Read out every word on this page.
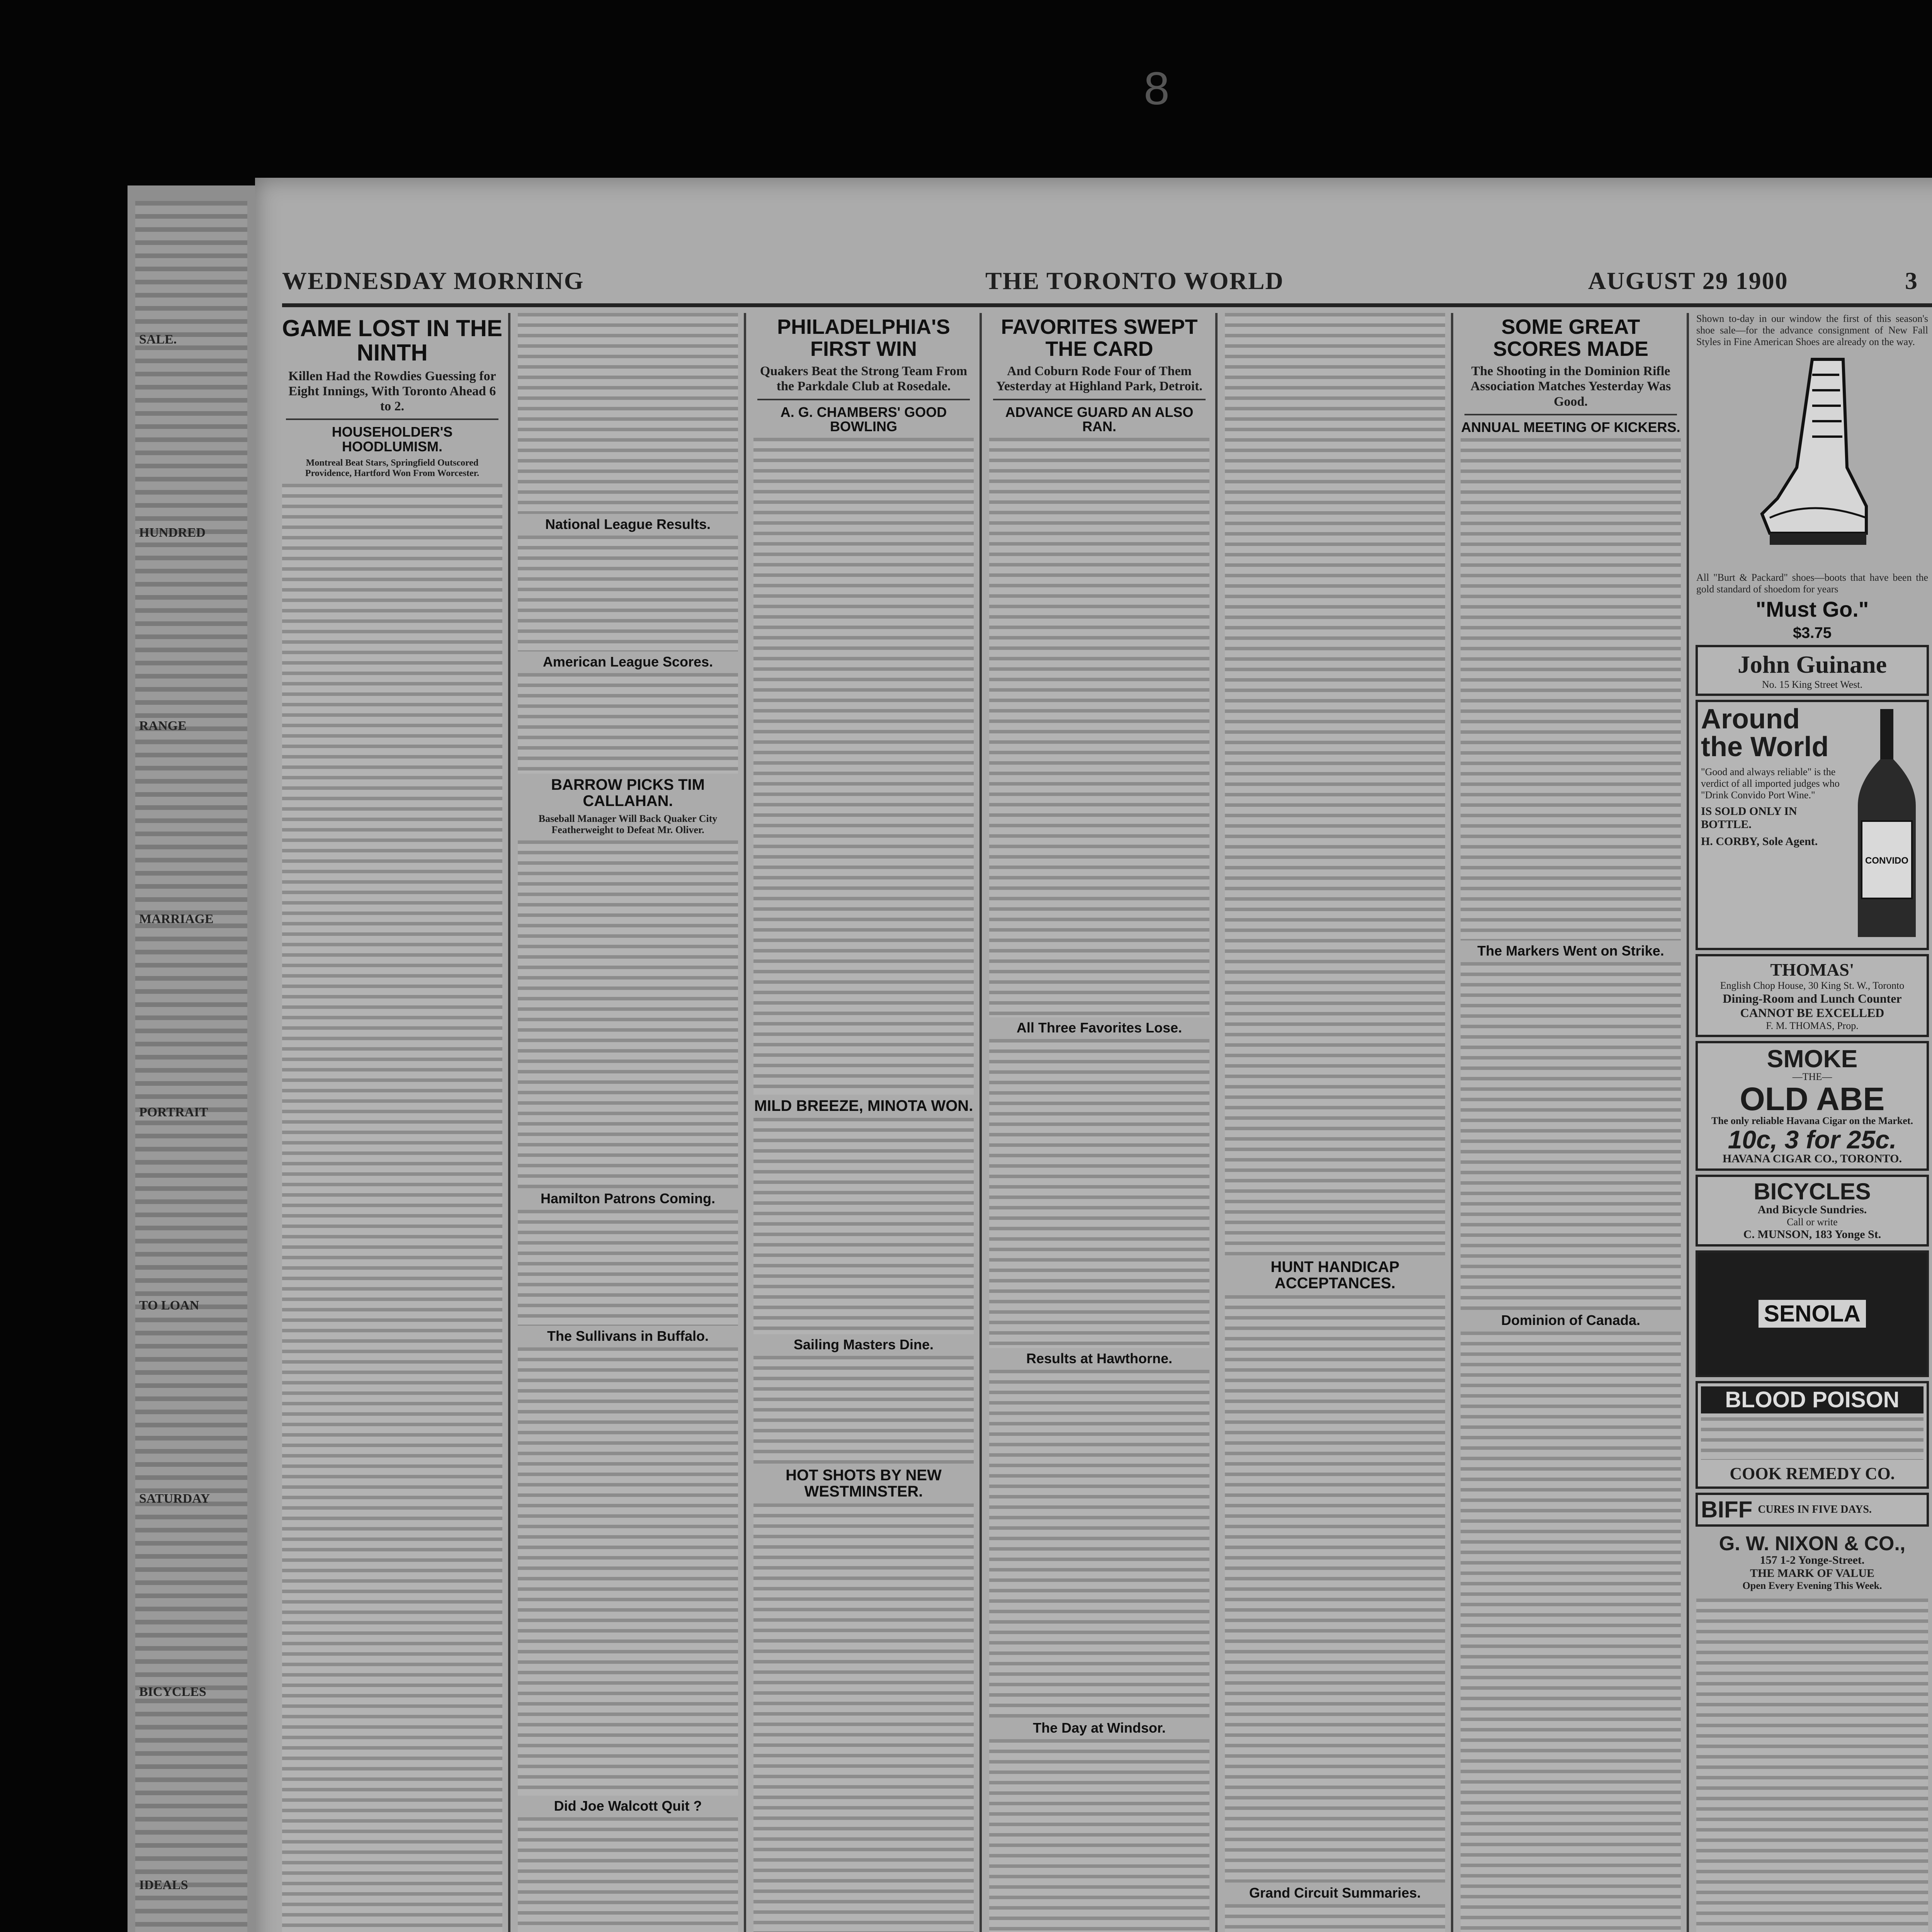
SALE.
HUNDRED
RANGE
MARRIAGE
PORTRAIT
TO LOAN
SATURDAY
BICYCLES
IDEALS
8
WEDNESDAY MORNING	THE TORONTO WORLD	AUGUST 29 1900	3
GAME LOST IN THE NINTH
Killen Had the Rowdies Guessing for Eight Innings, With Toronto Ahead 6 to 2.
HOUSEHOLDER'S HOODLUMISM.
Montreal Beat Stars, Springfield Outscored Providence, Hartford Won From Worcester.
National League Results.
American League Scores.
BARROW PICKS TIM CALLAHAN.
Baseball Manager Will Back Quaker City Featherweight to Defeat Mr. Oliver.
Hamilton Patrons Coming.
The Sullivans in Buffalo.
Did Joe Walcott Quit ?
PHILADELPHIA'S FIRST WIN
Quakers Beat the Strong Team From the Parkdale Club at Rosedale.
A. G. CHAMBERS' GOOD BOWLING
MILD BREEZE, MINOTA WON.
Sailing Masters Dine.
HOT SHOTS BY NEW WESTMINSTER.
FAVORITES SWEPT THE CARD
And Coburn Rode Four of Them Yesterday at Highland Park, Detroit.
ADVANCE GUARD AN ALSO RAN.
All Three Favorites Lose.
Results at Hawthorne.
The Day at Windsor.
HUNT HANDICAP ACCEPTANCES.
Grand Circuit Summaries.
SOME GREAT SCORES MADE
The Shooting in the Dominion Rifle Association Matches Yesterday Was Good.
ANNUAL MEETING OF KICKERS.
The Markers Went on Strike.
Dominion of Canada.
Shown to-day in our window the first of this season's shoe sale—for the advance consignment of New Fall Styles in Fine American Shoes are already on the way.
All "Burt & Packard" shoes—boots that have been the gold standard of shoedom for years
"Must Go."
$3.75
John Guinane
No. 15 King Street West.
Around the World
"Good and always reliable" is the verdict of all imported judges who "Drink Convido Port Wine."
IS SOLD ONLY IN BOTTLE.
H. CORBY, Sole Agent.
CONVIDO
THOMAS'
English Chop House, 30 King St. W., Toronto
Dining-Room and Lunch Counter CANNOT BE EXCELLED
F. M. THOMAS, Prop.
SMOKE
—THE—
OLD ABE
The only reliable Havana Cigar on the Market.
10c, 3 for 25c.
HAVANA CIGAR CO., TORONTO.
BICYCLES
And Bicycle Sundries.
Call or write
C. MUNSON, 183 Yonge St.
SENOLA
BLOOD POISON
COOK REMEDY CO.
BIFF CURES IN FIVE DAYS.
G. W. NIXON & CO.,
157 1-2 Yonge-Street.
THE MARK OF VALUE
Open Every Evening This Week.
